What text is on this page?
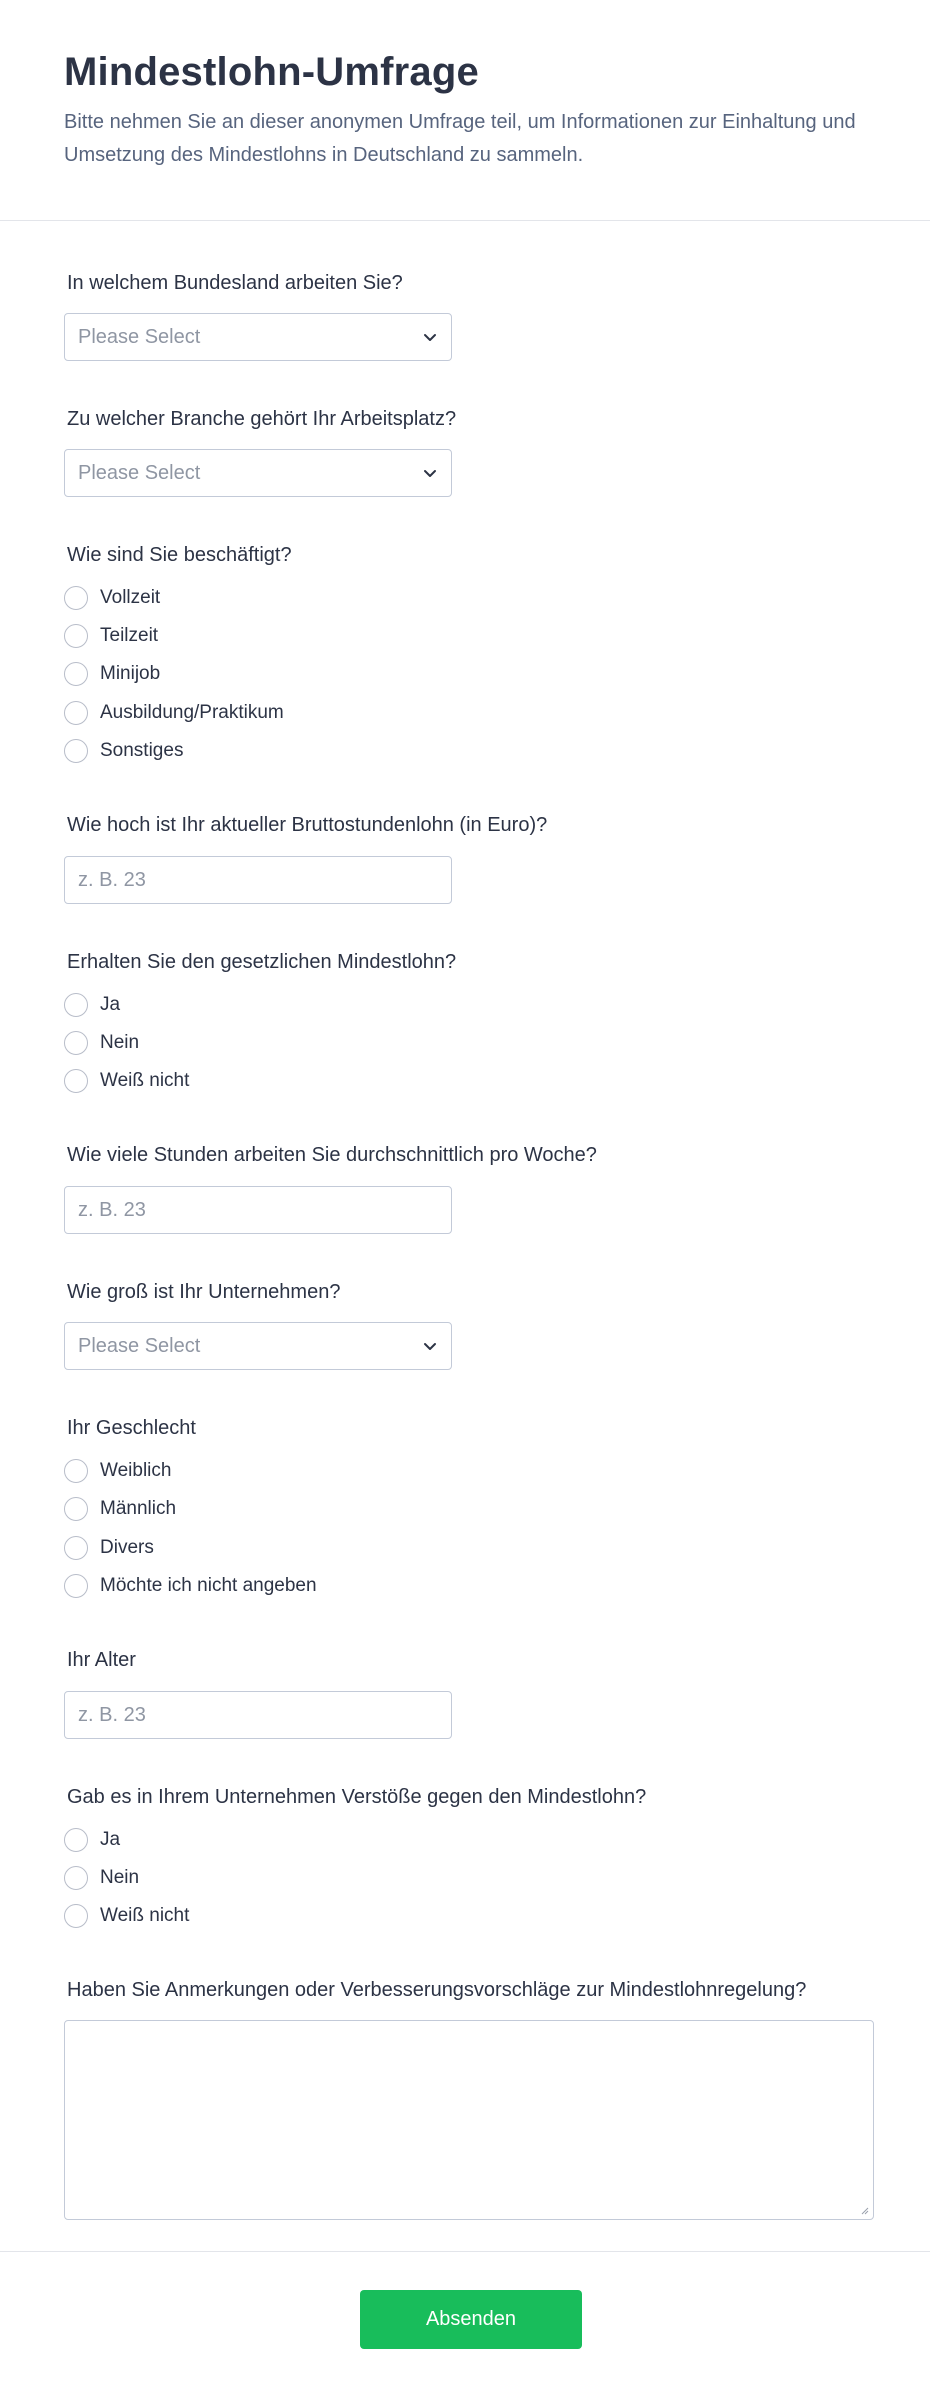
Mindestlohn-Umfrage

Bitte nehmen Sie an dieser anonymen Umfrage teil, um Informationen zur Einhaltung und Umsetzung des Mindestlohns in Deutschland zu sammeln.

In welchem Bundesland arbeiten Sie?

Please Select

Zu welcher Branche gehört Ihr Arbeitsplatz?

Please Select

Wie sind Sie beschäftigt?

Vollzeit
Teilzeit
Minijob
Ausbildung/Praktikum
Sonstiges

Wie hoch ist Ihr aktueller Bruttostundenlohn (in Euro)?

z. B. 23

Erhalten Sie den gesetzlichen Mindestlohn?

Ja
Nein
Weiß nicht

Wie viele Stunden arbeiten Sie durchschnittlich pro Woche?

z. B. 23

Wie groß ist Ihr Unternehmen?

Please Select

Ihr Geschlecht

Weiblich
Männlich
Divers
Möchte ich nicht angeben

Ihr Alter

z. B. 23

Gab es in Ihrem Unternehmen Verstöße gegen den Mindestlohn?

Ja
Nein
Weiß nicht

Haben Sie Anmerkungen oder Verbesserungsvorschläge zur Mindestlohnregelung?

Absenden
